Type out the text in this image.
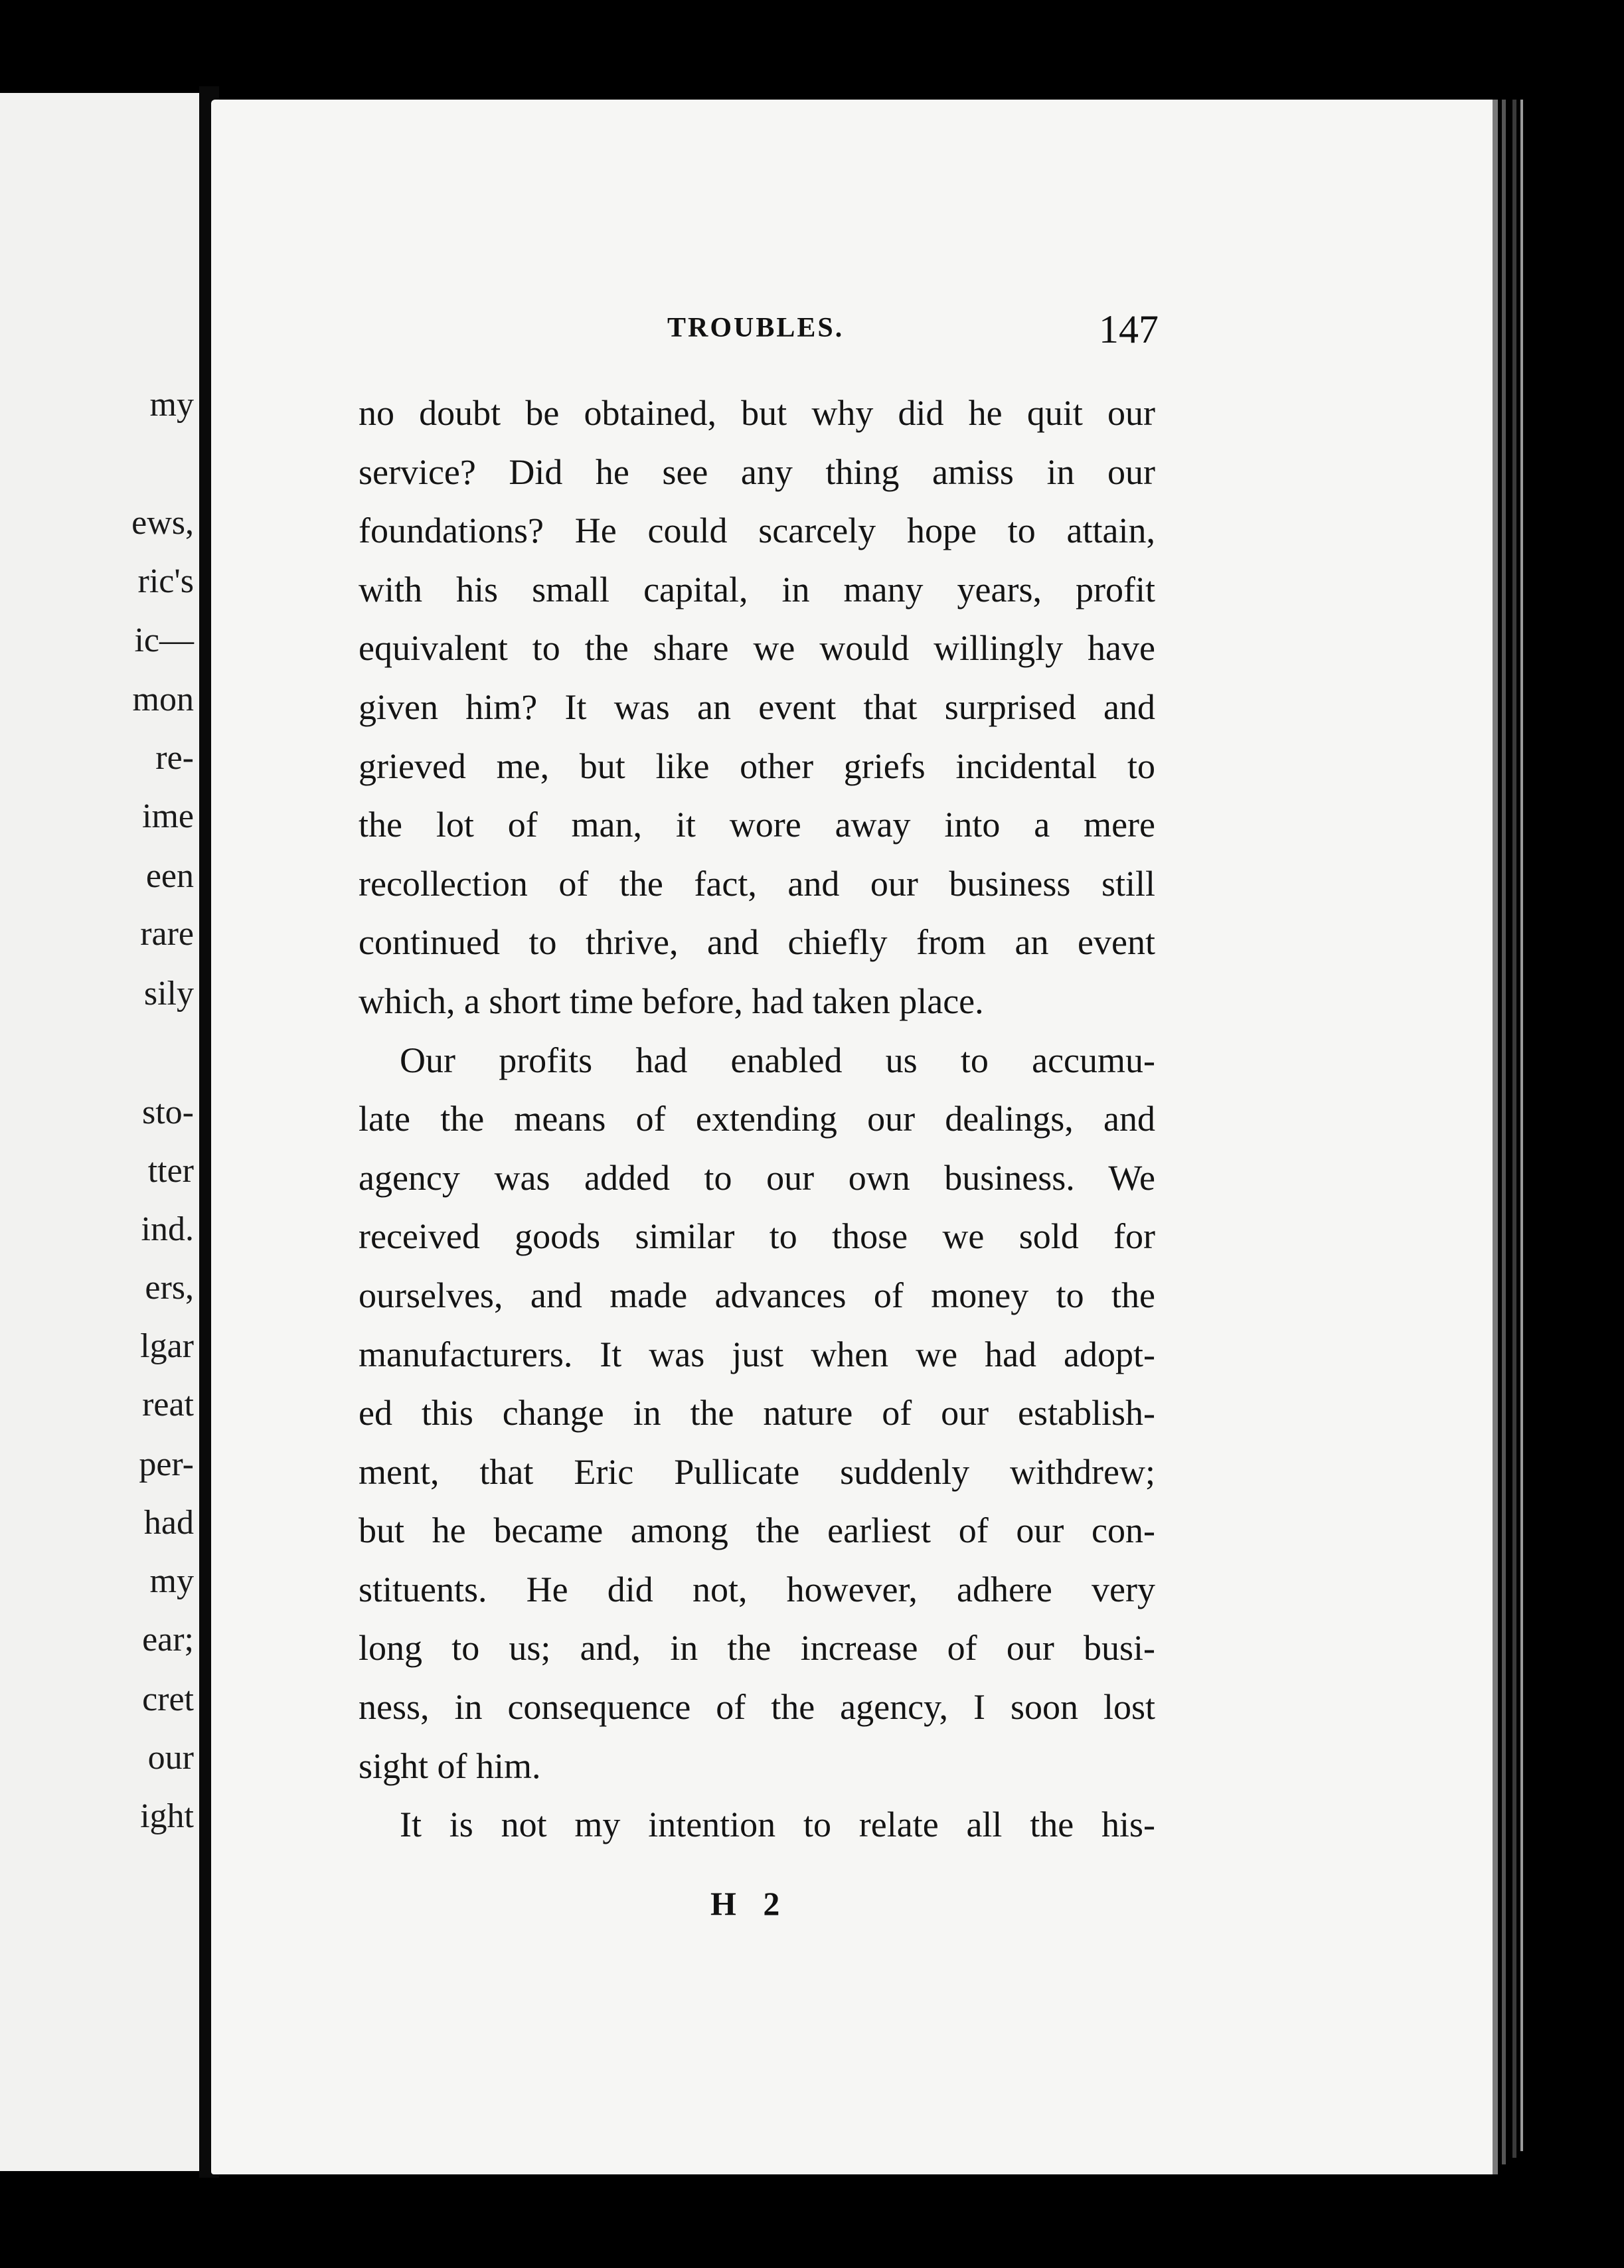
my
ews,
ric's
ic—
mon
re-
ime
een
rare
sily
sto-
tter
ind.
ers,
lgar
reat
per-
had
my
ear;
cret
our
ight
TROUBLES.	147
no doubt be obtained, but why did he quit our
service? Did he see any thing amiss in our
foundations? He could scarcely hope to attain,
with his small capital, in many years, profit
equivalent to the share we would willingly have
given him? It was an event that surprised and
grieved me, but like other griefs incidental to
the lot of man, it wore away into a mere
recollection of the fact, and our business still
continued to thrive, and chiefly from an event
which, a short time before, had taken place.
Our profits had enabled us to accumu-
late the means of extending our dealings, and
agency was added to our own business. We
received goods similar to those we sold for
ourselves, and made advances of money to the
manufacturers. It was just when we had adopt-
ed this change in the nature of our establish-
ment, that Eric Pullicate suddenly withdrew;
but he became among the earliest of our con-
stituents. He did not, however, adhere very
long to us; and, in the increase of our busi-
ness, in consequence of the agency, I soon lost
sight of him.
It is not my intention to relate all the his-
H 2
